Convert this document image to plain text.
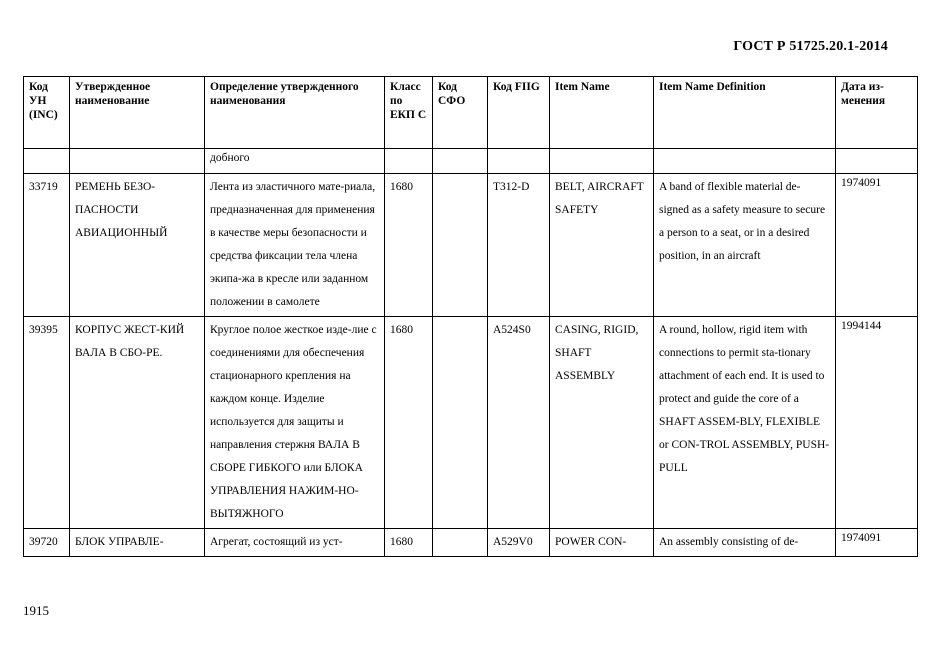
ГОСТ Р 51725.20.1-2014
Код УН (INC)	Утвержденное наименование	Определение утвержденного наименования	Класс по ЕКП С	Код СФО	Код FIIG	Item Name	Item Name Definition	Дата из-менения
		добного						
33719	РЕМЕНЬ БЕЗО-ПАСНОСТИ АВИАЦИОННЫЙ	Лента из эластичного мате-риала, предназначенная для применения в качестве меры безопасности и средства фиксации тела члена экипа-жа в кресле или заданном положении в самолете	1680		T312-D	BELT, AIRCRAFT SAFETY	A band of flexible material de-signed as a safety measure to secure a person to a seat, or in a desired position, in an aircraft	1974091
39395	КОРПУС ЖЕСТ-КИЙ ВАЛА В СБО-РЕ.	Круглое полое жесткое изде-лие с соединениями для обеспечения стационарного крепления на каждом конце. Изделие используется для защиты и направления стержня ВАЛА В СБОРЕ ГИБКОГО или БЛОКА УПРАВЛЕНИЯ НАЖИМ-НО-ВЫТЯЖНОГО	1680		A524S0	CASING, RIGID, SHAFT ASSEMBLY	A round, hollow, rigid item with connections to permit sta-tionary attachment of each end. It is used to protect and guide the core of a SHAFT ASSEM-BLY, FLEXIBLE or CON-TROL ASSEMBLY, PUSH-PULL	1994144
39720	БЛОК УПРАВЛЕ-	Агрегат, состоящий из уст-	1680		A529V0	POWER CON-	An assembly consisting of de-	1974091
1915
